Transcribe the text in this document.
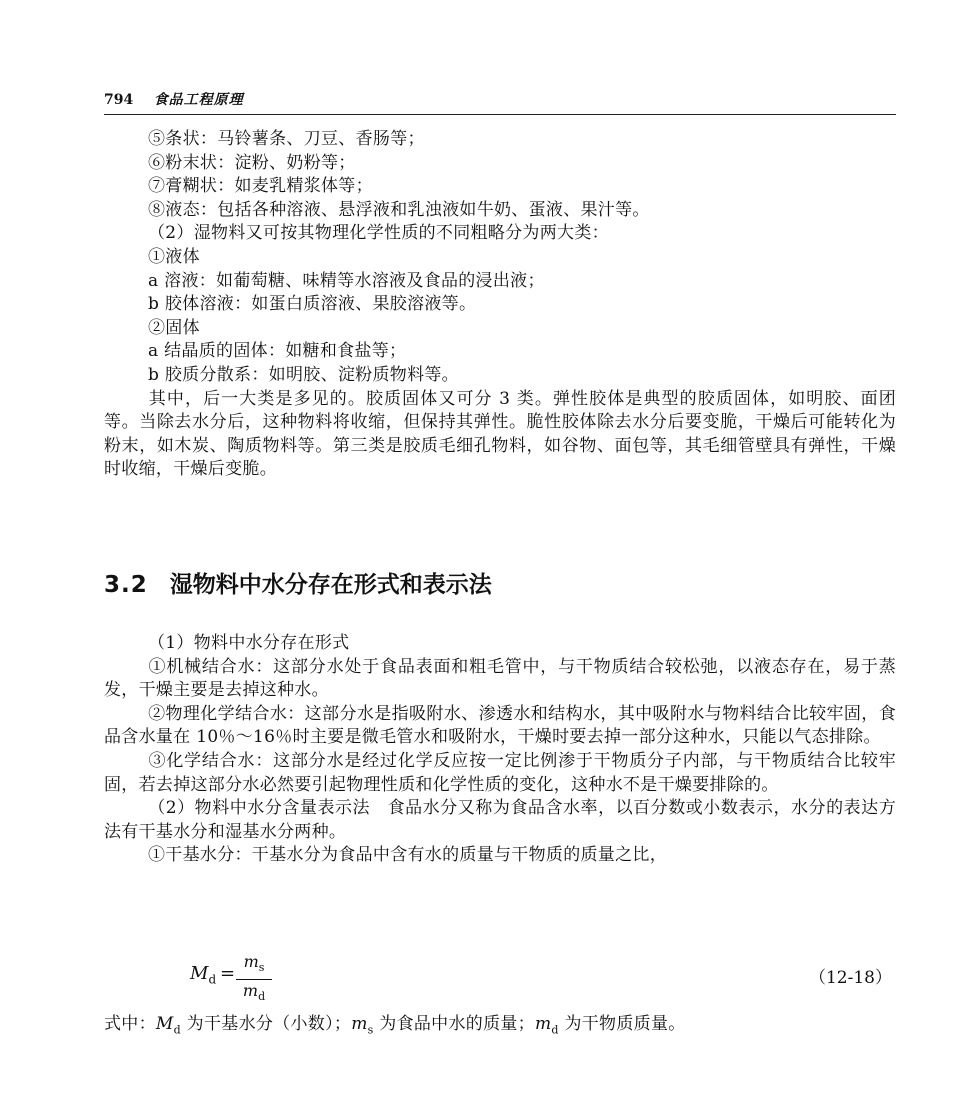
794 食品工程原理
⑤条状：马铃薯条、刀豆、香肠等；
⑥粉末状：淀粉、奶粉等；
⑦膏糊状：如麦乳精浆体等；
⑧液态：包括各种溶液、悬浮液和乳浊液如牛奶、蛋液、果汁等。
（2）湿物料又可按其物理化学性质的不同粗略分为两大类：
①液体
a 溶液：如葡萄糖、味精等水溶液及食品的浸出液；
b 胶体溶液：如蛋白质溶液、果胶溶液等。
②固体
a 结晶质的固体：如糖和食盐等；
b 胶质分散系：如明胶、淀粉质物料等。
其中，后一大类是多见的。胶质固体又可分 3 类。弹性胶体是典型的胶质固体，如明胶、面团等。当除去水分后，这种物料将收缩，但保持其弹性。脆性胶体除去水分后要变脆，干燥后可能转化为粉末，如木炭、陶质物料等。第三类是胶质毛细孔物料，如谷物、面包等，其毛细管壁具有弹性，干燥时收缩，干燥后变脆。
3.2 湿物料中水分存在形式和表示法
（1）物料中水分存在形式
①机械结合水：这部分水处于食品表面和粗毛管中，与干物质结合较松弛，以液态存在，易于蒸发，干燥主要是去掉这种水。
②物理化学结合水：这部分水是指吸附水、渗透水和结构水，其中吸附水与物料结合比较牢固，食品含水量在 10％～16％时主要是微毛管水和吸附水，干燥时要去掉一部分这种水，只能以气态排除。
③化学结合水：这部分水是经过化学反应按一定比例渗于干物质分子内部，与干物质结合比较牢固，若去掉这部分水必然要引起物理性质和化学性质的变化，这种水不是干燥要排除的。
（2）物料中水分含量表示法　食品水分又称为食品含水率，以百分数或小数表示，水分的表达方法有干基水分和湿基水分两种。
①干基水分：干基水分为食品中含有水的质量与干物质的质量之比，
$M_d$ =
$m_s$
$m_d$
（12-18）
式中：$M_d$ 为干基水分（小数）；$m_s$ 为食品中水的质量；$m_d$ 为干物质质量。
